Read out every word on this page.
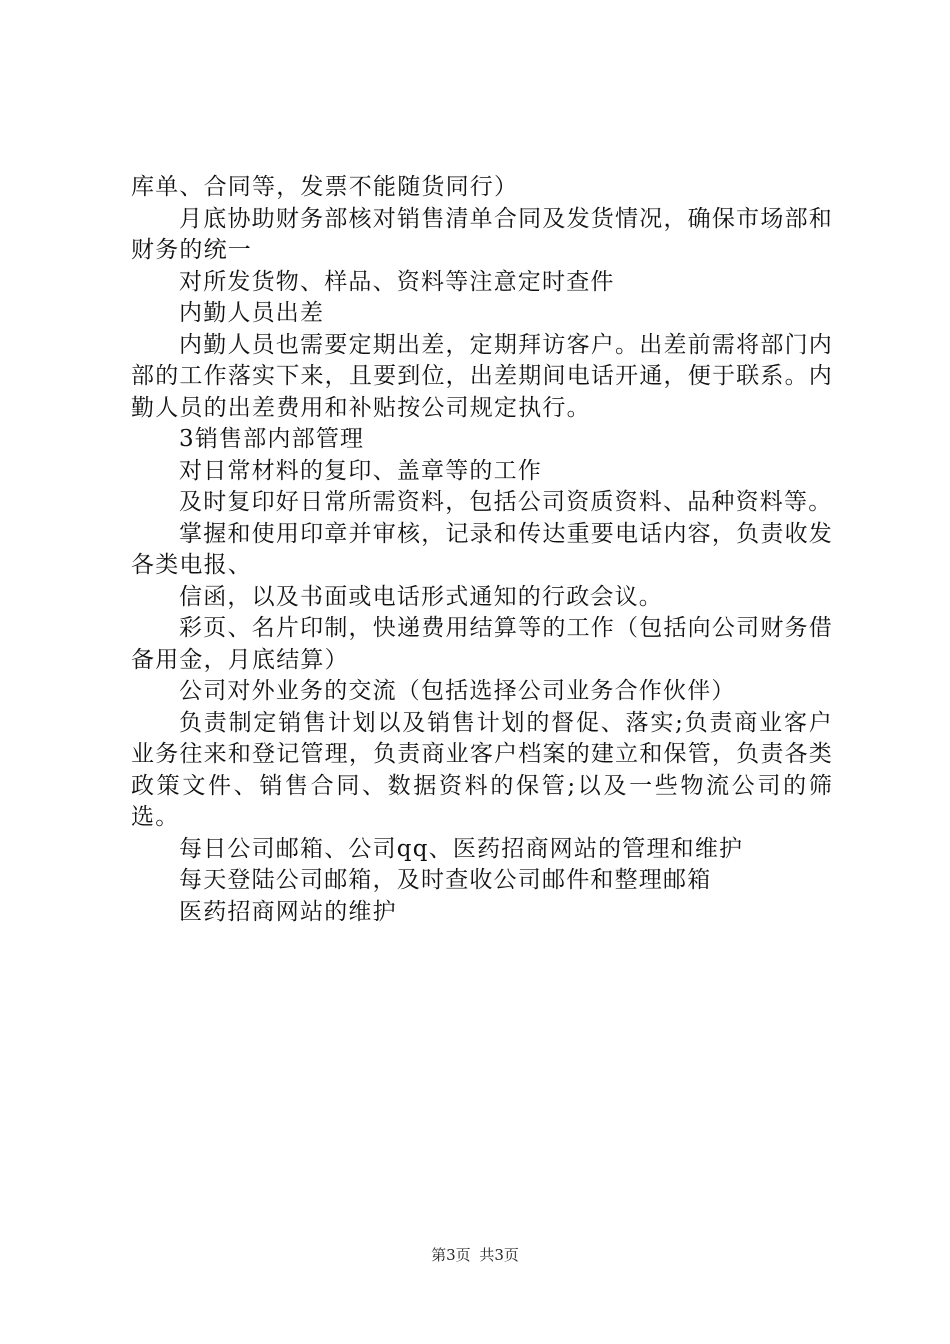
库单、合同等，发票不能随货同行）

月底协助财务部核对销售清单合同及发货情况，确保市场部和财务的统一

对所发货物、样品、资料等注意定时查件

内勤人员出差

内勤人员也需要定期出差，定期拜访客户。出差前需将部门内部的工作落实下来，且要到位，出差期间电话开通，便于联系。内勤人员的出差费用和补贴按公司规定执行。

3销售部内部管理

对日常材料的复印、盖章等的工作

及时复印好日常所需资料，包括公司资质资料、品种资料等。

掌握和使用印章并审核，记录和传达重要电话内容，负责收发各类电报、

信函，以及书面或电话形式通知的行政会议。

彩页、名片印制，快递费用结算等的工作（包括向公司财务借备用金，月底结算）

公司对外业务的交流（包括选择公司业务合作伙伴）

负责制定销售计划以及销售计划的督促、落实;负责商业客户业务往来和登记管理，负责商业客户档案的建立和保管，负责各类政策文件、销售合同、数据资料的保管;以及一些物流公司的筛选。

每日公司邮箱、公司qq、医药招商网站的管理和维护

每天登陆公司邮箱，及时查收公司邮件和整理邮箱

医药招商网站的维护

第3页 共3页
